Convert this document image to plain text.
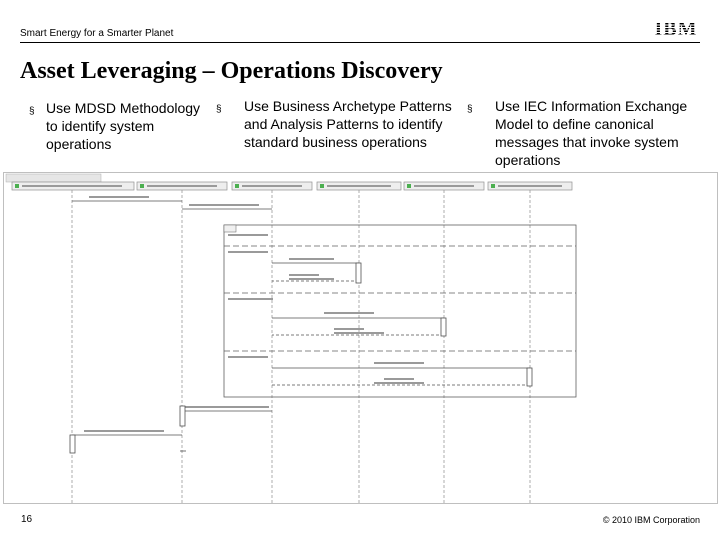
Smart Energy for a Smarter Planet	IBM
Asset Leveraging – Operations Discovery
§ Use MDSD Methodology
to identify system
operations
§ Use Business Archetype Patterns
and Analysis Patterns to identify
standard business operations
§ Use IEC Information Exchange
Model to define canonical
messages that invoke system
operations
16	© 2010 IBM Corporation
